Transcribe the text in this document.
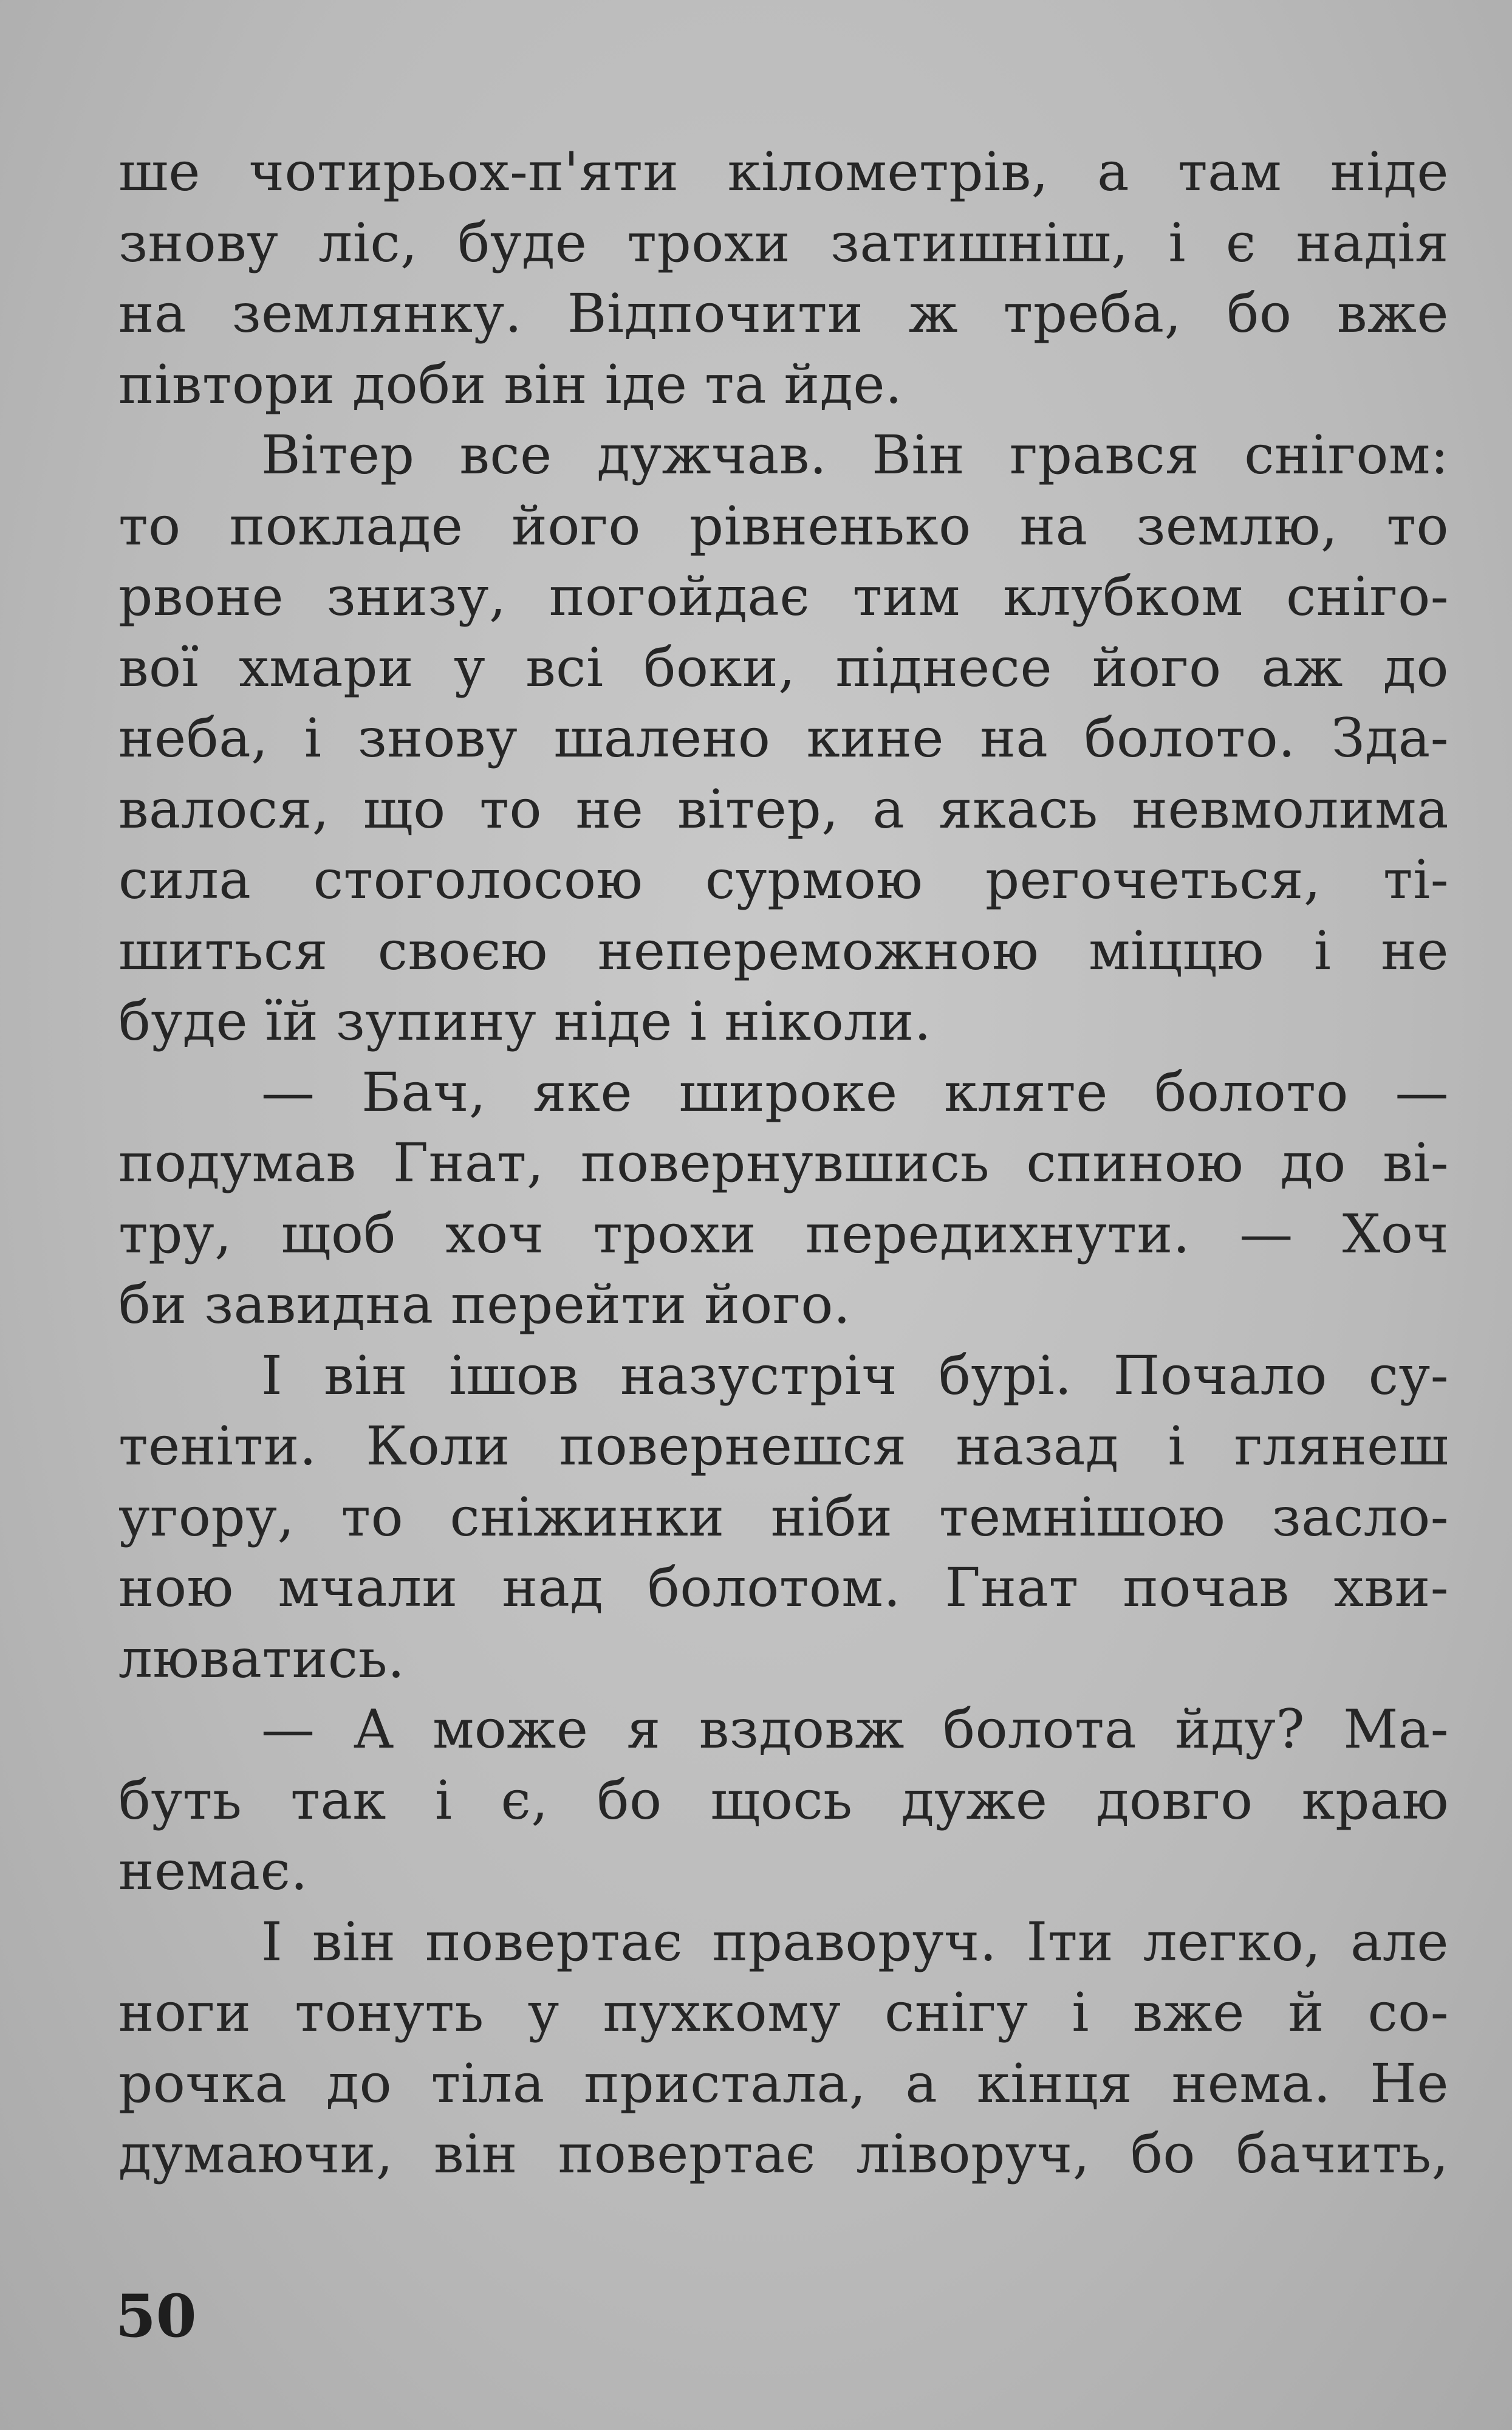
ше чотирьох-п'яти кілометрів, а там ніде
знову ліс, буде трохи затишніш, і є надія
на землянку. Відпочити ж треба, бо вже
півтори доби він іде та йде.
Вітер все дужчав. Він грався снігом:
то покладе його рівненько на землю, то
рвоне знизу, погойдає тим клубком сніго-
вої хмари у всі боки, піднесе його аж до
неба, і знову шалено кине на болото. Зда-
валося, що то не вітер, а якась невмолима
сила стоголосою сурмою регочеться, ті-
шиться своєю непереможною міццю і не
буде їй зупину ніде і ніколи.
— Бач, яке широке кляте болото —
подумав Гнат, повернувшись спиною до ві-
тру, щоб хоч трохи передихнути. — Хоч
би завидна перейти його.
І він ішов назустріч бурі. Почало су-
теніти. Коли повернешся назад і глянеш
угору, то сніжинки ніби темнішою засло-
ною мчали над болотом. Гнат почав хви-
люватись.
— А може я вздовж болота йду? Ма-
буть так і є, бо щось дуже довго краю
немає.
І він повертає праворуч. Іти легко, але
ноги тонуть у пухкому снігу і вже й со-
рочка до тіла пристала, а кінця нема. Не
думаючи, він повертає ліворуч, бо бачить,
50
